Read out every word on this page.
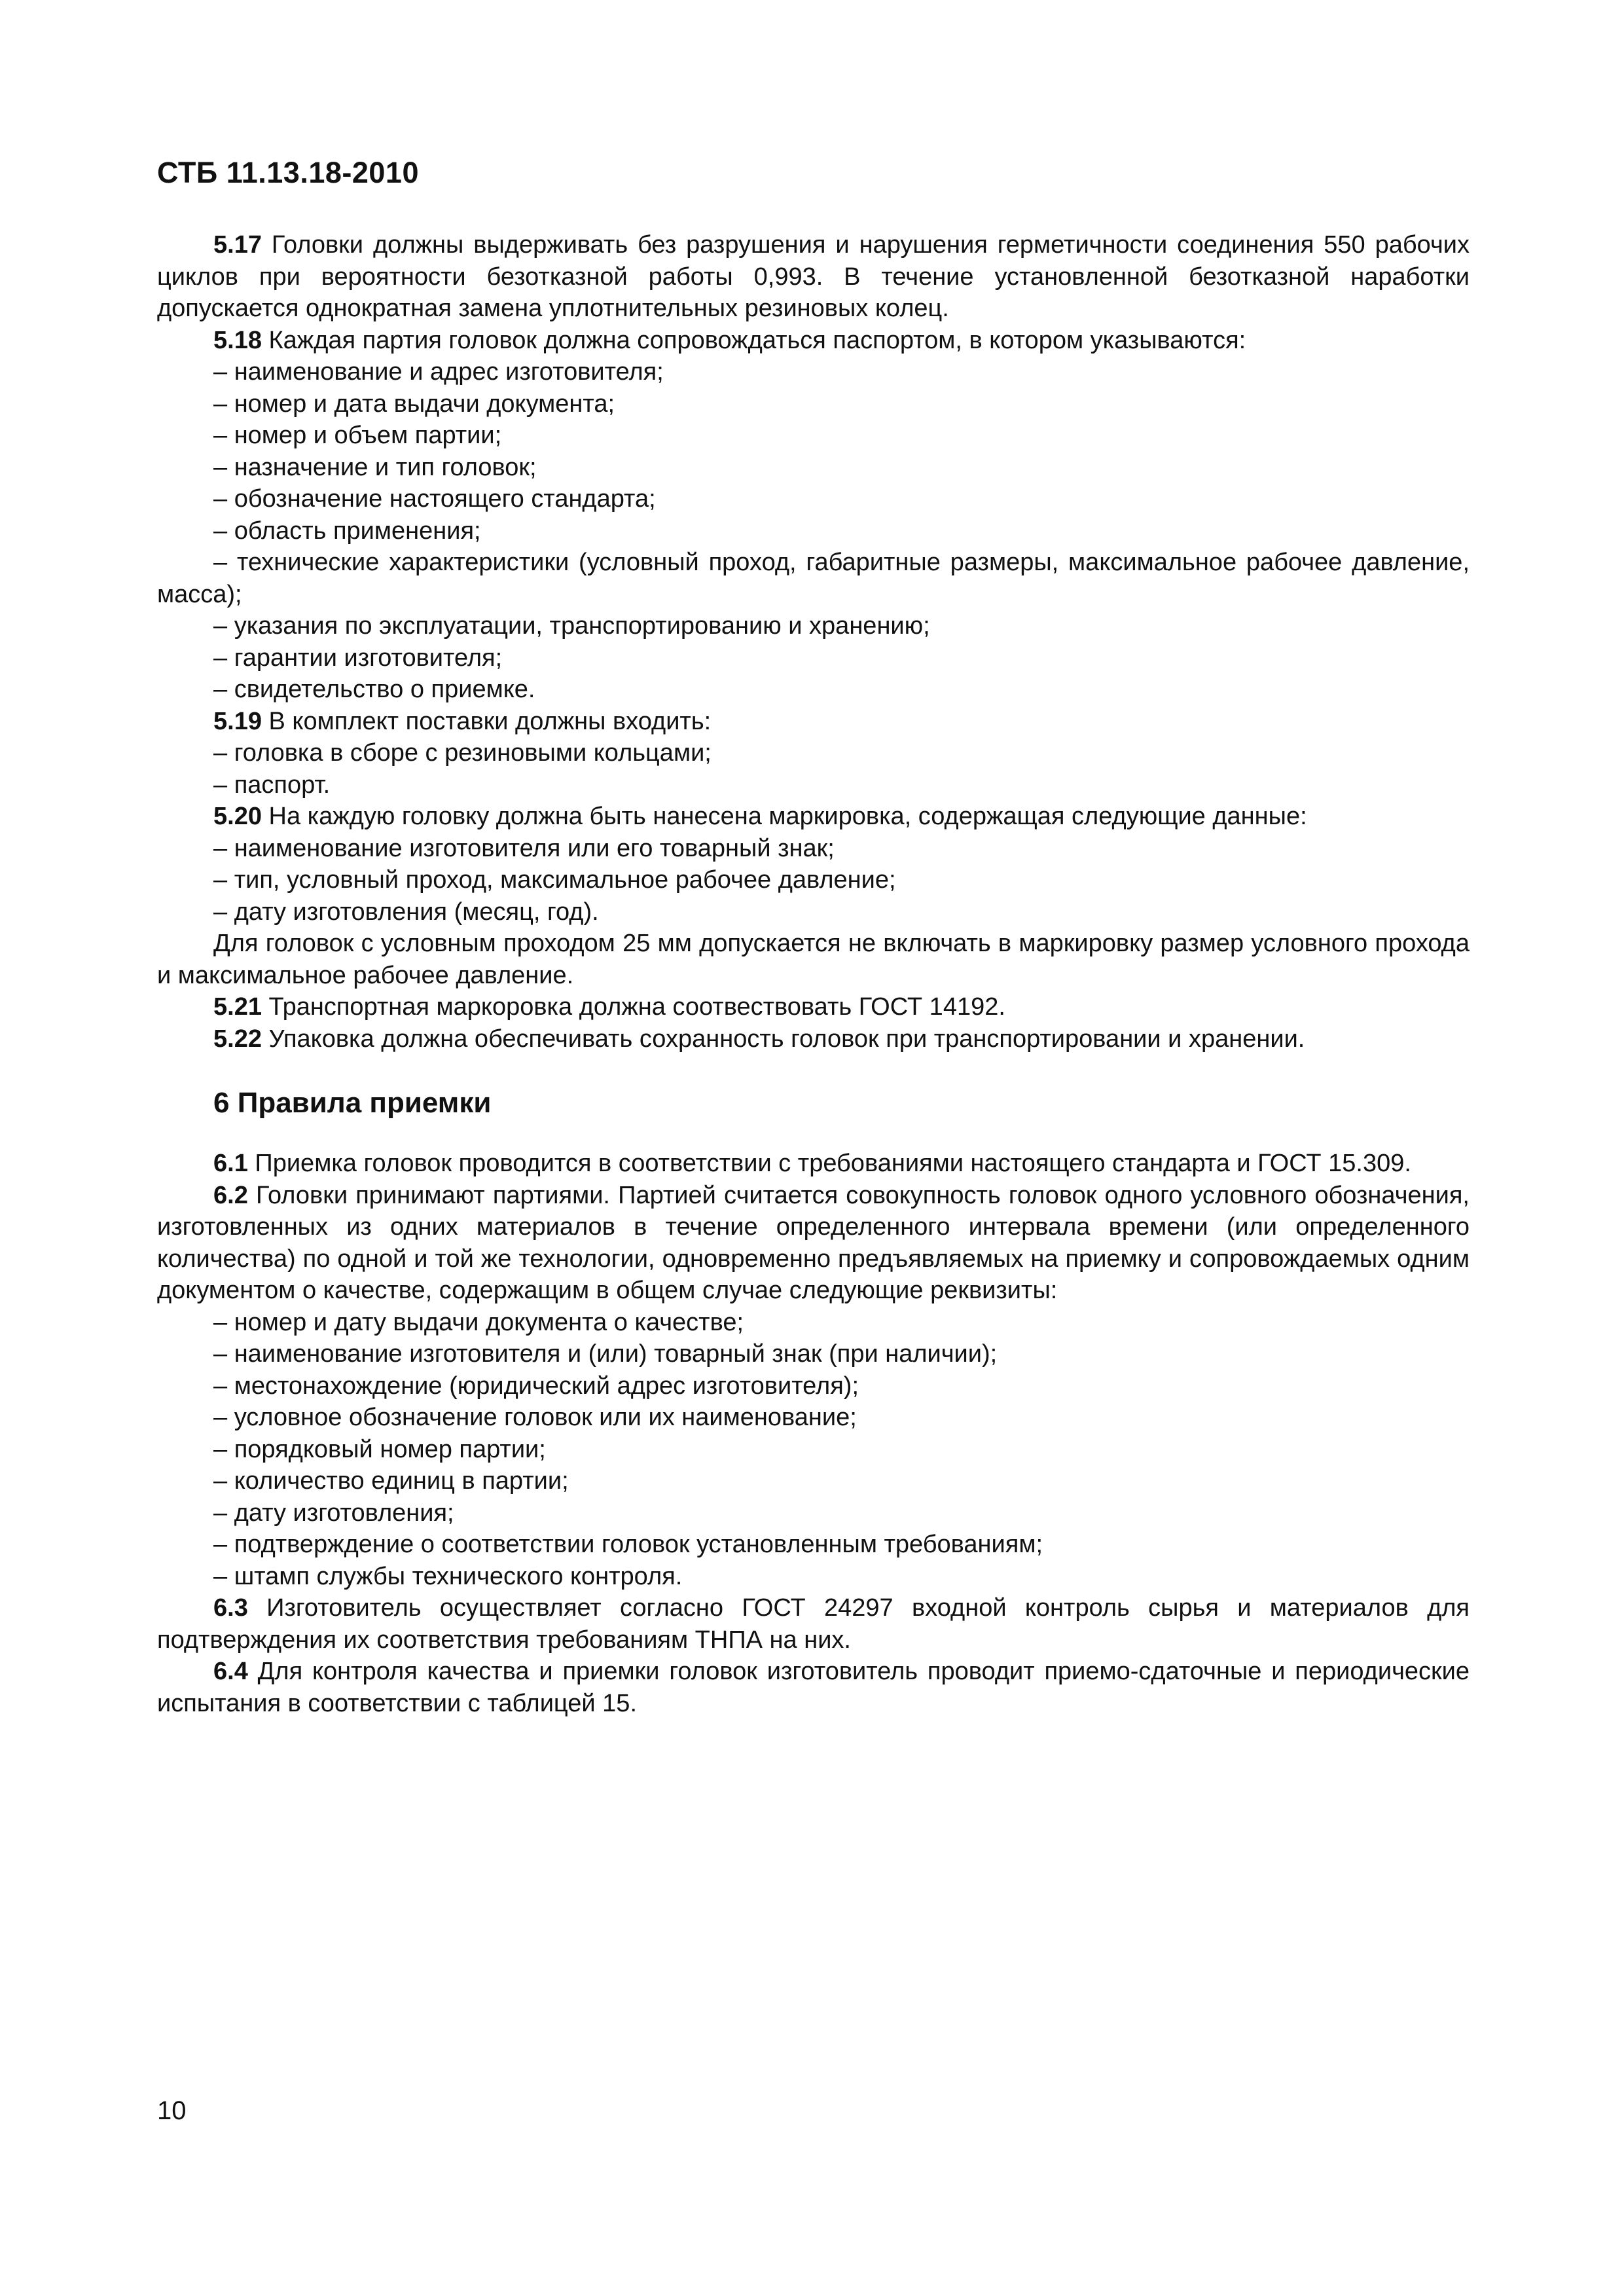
СТБ 11.13.18-2010

5.17 Головки должны выдерживать без разрушения и нарушения герметичности соединения 550 рабочих циклов при вероятности безотказной работы 0,993. В течение установленной безотказной наработки допускается однократная замена уплотнительных резиновых колец.

5.18 Каждая партия головок должна сопровождаться паспортом, в котором указываются:

– наименование и адрес изготовителя;

– номер и дата выдачи документа;

– номер и объем партии;

– назначение и тип головок;

– обозначение настоящего стандарта;

– область применения;

– технические характеристики (условный проход, габаритные размеры, максимальное рабочее давление, масса);

– указания по эксплуатации, транспортированию и хранению;

– гарантии изготовителя;

– свидетельство о приемке.

5.19 В комплект поставки должны входить:

– головка в сборе с резиновыми кольцами;

– паспорт.

5.20 На каждую головку должна быть нанесена маркировка, содержащая следующие данные:

– наименование изготовителя или его товарный знак;

– тип, условный проход, максимальное рабочее давление;

– дату изготовления (месяц, год).

Для головок с условным проходом 25 мм допускается не включать в маркировку размер условного прохода и максимальное рабочее давление.

5.21 Транспортная маркоровка должна соотвествовать ГОСТ 14192.

5.22 Упаковка должна обеспечивать сохранность головок при транспортировании и хранении.

6 Правила приемки

6.1 Приемка головок проводится в соответствии с требованиями настоящего стандарта и ГОСТ 15.309.

6.2 Головки принимают партиями. Партией считается совокупность головок одного условного обозначения, изготовленных из одних материалов в течение определенного интервала времени (или определенного количества) по одной и той же технологии, одновременно предъявляемых на приемку и сопровождаемых одним документом о качестве, содержащим в общем случае следующие реквизиты:

– номер и дату выдачи документа о качестве;

– наименование изготовителя и (или) товарный знак (при наличии);

– местонахождение (юридический адрес изготовителя);

– условное обозначение головок или их наименование;

– порядковый номер партии;

– количество единиц в партии;

– дату изготовления;

– подтверждение о соответствии головок установленным требованиям;

– штамп службы технического контроля.

6.3 Изготовитель осуществляет согласно ГОСТ 24297 входной контроль сырья и материалов для подтверждения их соответствия требованиям ТНПА на них.

6.4 Для контроля качества и приемки головок изготовитель проводит приемо-сдаточные и периодические испытания в соответствии с таблицей 15.

10
